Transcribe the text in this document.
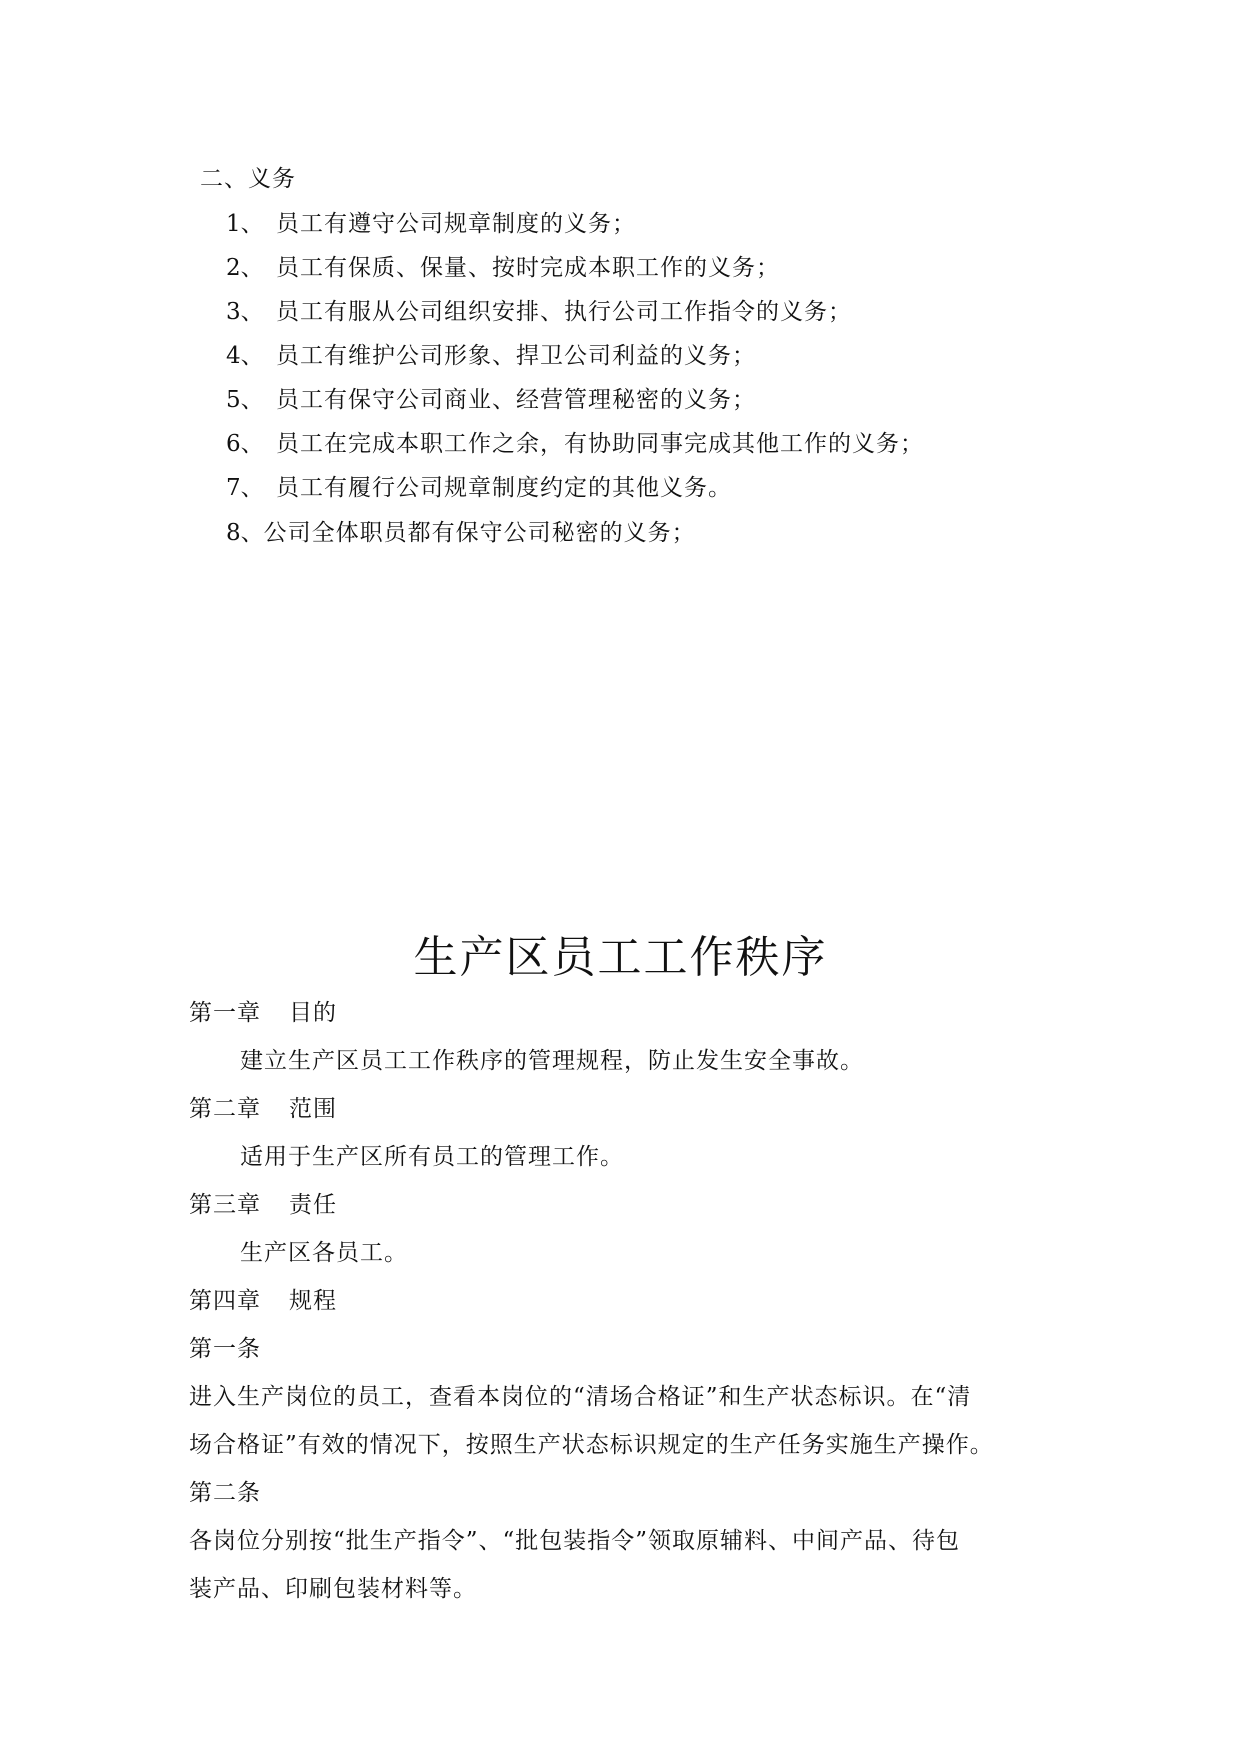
二、义务
1、 员工有遵守公司规章制度的义务；
2、 员工有保质、保量、按时完成本职工作的义务；
3、 员工有服从公司组织安排、执行公司工作指令的义务；
4、 员工有维护公司形象、捍卫公司利益的义务；
5、 员工有保守公司商业、经营管理秘密的义务；
6、 员工在完成本职工作之余，有协助同事完成其他工作的义务；
7、 员工有履行公司规章制度约定的其他义务。
8、公司全体职员都有保守公司秘密的义务；
生产区员工工作秩序
第一章 目的
建立生产区员工工作秩序的管理规程，防止发生安全事故。
第二章 范围
适用于生产区所有员工的管理工作。
第三章 责任
生产区各员工。
第四章 规程
第一条
进入生产岗位的员工，查看本岗位的“清场合格证”和生产状态标识。在“清
场合格证”有效的情况下，按照生产状态标识规定的生产任务实施生产操作。
第二条
各岗位分别按“批生产指令”、“批包装指令”领取原辅料、中间产品、待包
装产品、印刷包装材料等。
